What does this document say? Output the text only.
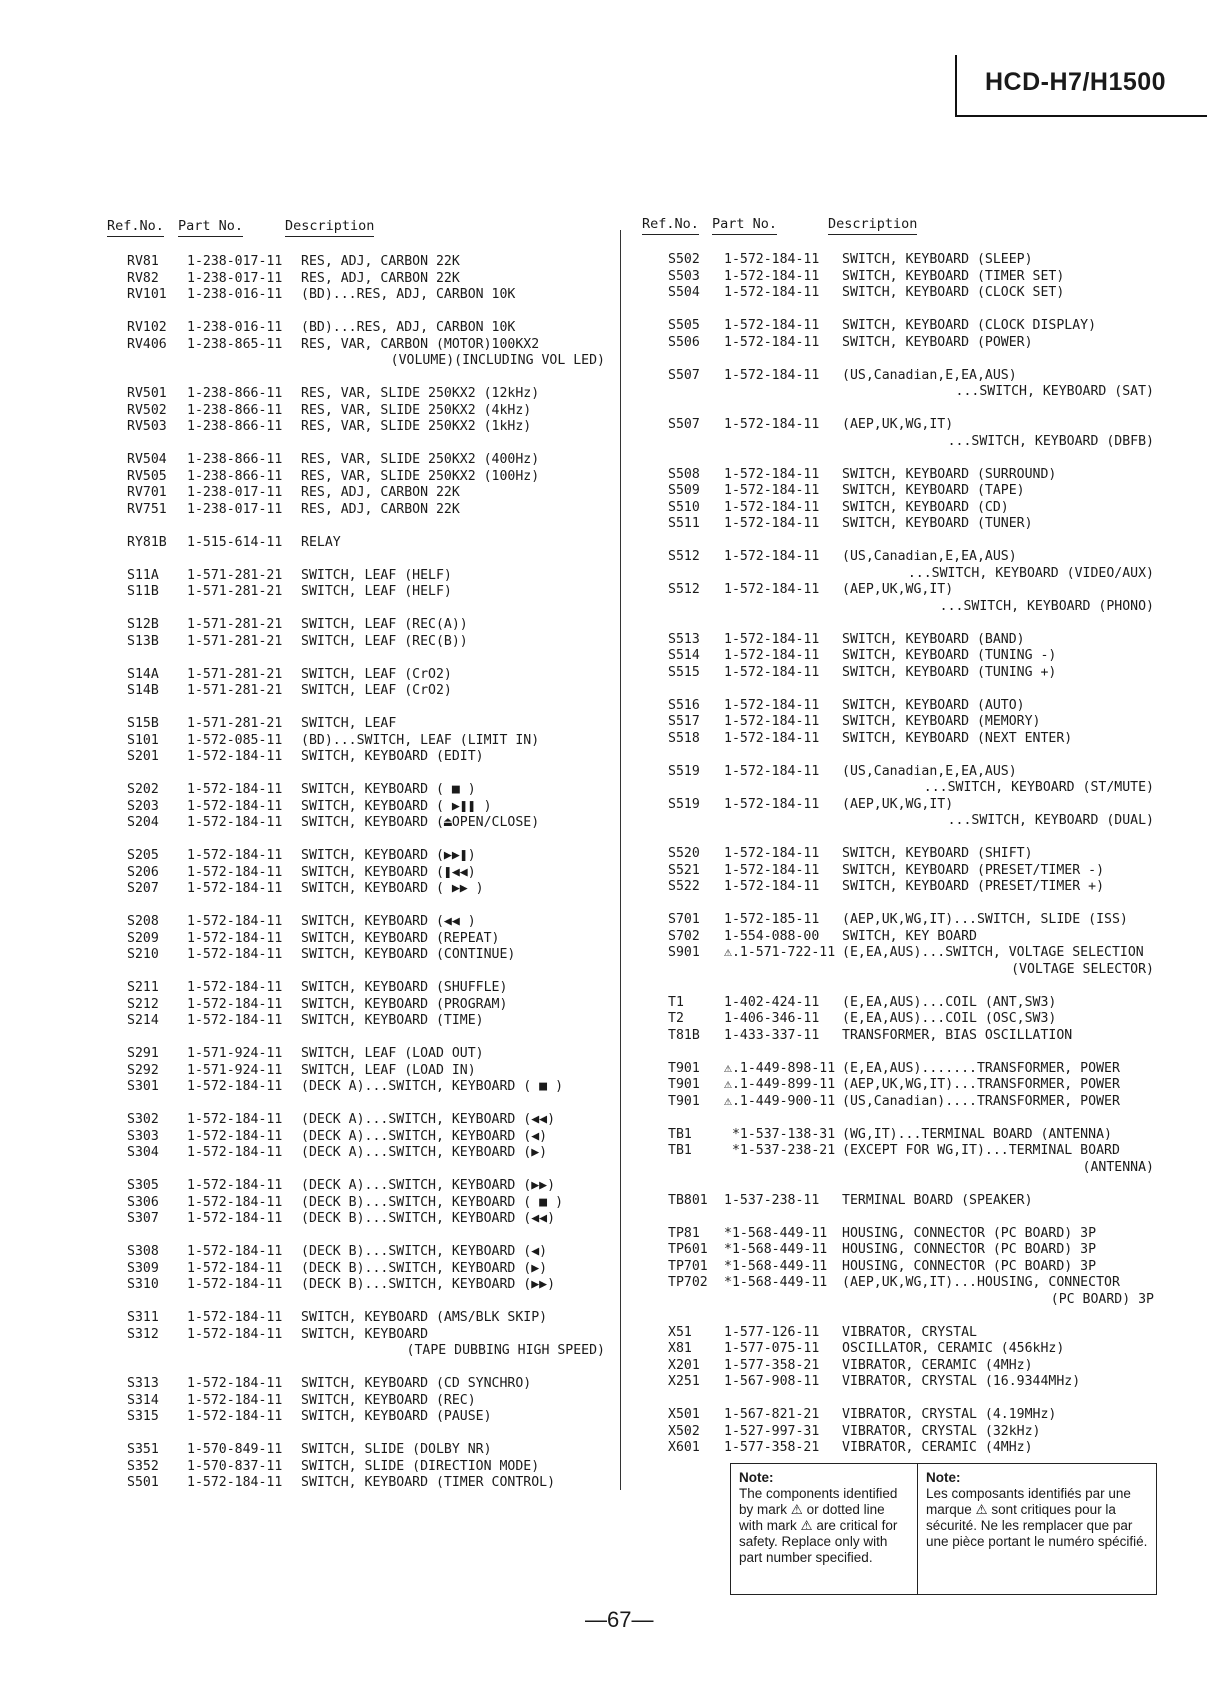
HCD-H7/H1500
Ref.No. Part No.	Description
RV81	1-238-017-11 RES, ADJ, CARBON 22K
RV82	1-238-017-11 RES, ADJ, CARBON 22K
RV101	1-238-016-11 (BD)...RES, ADJ, CARBON 10K
RV102	1-238-016-11 (BD)...RES, ADJ, CARBON 10K
RV406	1-238-865-11 RES, VAR, CARBON (MOTOR)100KX2
(VOLUME)(INCLUDING VOL LED)
RV501	1-238-866-11 RES, VAR, SLIDE 250KX2 (12kHz)
RV502	1-238-866-11 RES, VAR, SLIDE 250KX2 (4kHz)
RV503	1-238-866-11 RES, VAR, SLIDE 250KX2 (1kHz)
RV504	1-238-866-11 RES, VAR, SLIDE 250KX2 (400Hz)
RV505	1-238-866-11 RES, VAR, SLIDE 250KX2 (100Hz)
RV701	1-238-017-11 RES, ADJ, CARBON 22K
RV751	1-238-017-11 RES, ADJ, CARBON 22K
RY81B	1-515-614-11 RELAY
S11A	1-571-281-21 SWITCH, LEAF (HELF)
S11B	1-571-281-21 SWITCH, LEAF (HELF)
S12B	1-571-281-21 SWITCH, LEAF (REC(A))
S13B	1-571-281-21 SWITCH, LEAF (REC(B))
S14A	1-571-281-21 SWITCH, LEAF (CrO2)
S14B	1-571-281-21 SWITCH, LEAF (CrO2)
S15B	1-571-281-21 SWITCH, LEAF
S101	1-572-085-11 (BD)...SWITCH, LEAF (LIMIT IN)
S201	1-572-184-11 SWITCH, KEYBOARD (EDIT)
S202	1-572-184-11 SWITCH, KEYBOARD ( ■ )
S203	1-572-184-11 SWITCH, KEYBOARD ( ▶❚❚ )
S204	1-572-184-11 SWITCH, KEYBOARD (⏏OPEN/CLOSE)
S205	1-572-184-11 SWITCH, KEYBOARD (▶▶❚)
S206	1-572-184-11 SWITCH, KEYBOARD (❚◀◀)
S207	1-572-184-11 SWITCH, KEYBOARD ( ▶▶ )
S208	1-572-184-11 SWITCH, KEYBOARD (◀◀ )
S209	1-572-184-11 SWITCH, KEYBOARD (REPEAT)
S210	1-572-184-11 SWITCH, KEYBOARD (CONTINUE)
S211	1-572-184-11 SWITCH, KEYBOARD (SHUFFLE)
S212	1-572-184-11 SWITCH, KEYBOARD (PROGRAM)
S214	1-572-184-11 SWITCH, KEYBOARD (TIME)
S291	1-571-924-11 SWITCH, LEAF (LOAD OUT)
S292	1-571-924-11 SWITCH, LEAF (LOAD IN)
S301	1-572-184-11 (DECK A)...SWITCH, KEYBOARD ( ■ )
S302	1-572-184-11 (DECK A)...SWITCH, KEYBOARD (◀◀)
S303	1-572-184-11 (DECK A)...SWITCH, KEYBOARD (◀)
S304	1-572-184-11 (DECK A)...SWITCH, KEYBOARD (▶)
S305	1-572-184-11 (DECK A)...SWITCH, KEYBOARD (▶▶)
S306	1-572-184-11 (DECK B)...SWITCH, KEYBOARD ( ■ )
S307	1-572-184-11 (DECK B)...SWITCH, KEYBOARD (◀◀)
S308	1-572-184-11 (DECK B)...SWITCH, KEYBOARD (◀)
S309	1-572-184-11 (DECK B)...SWITCH, KEYBOARD (▶)
S310	1-572-184-11 (DECK B)...SWITCH, KEYBOARD (▶▶)
S311	1-572-184-11 SWITCH, KEYBOARD (AMS/BLK SKIP)
S312	1-572-184-11 SWITCH, KEYBOARD
(TAPE DUBBING HIGH SPEED)
S313	1-572-184-11 SWITCH, KEYBOARD (CD SYNCHRO)
S314	1-572-184-11 SWITCH, KEYBOARD (REC)
S315	1-572-184-11 SWITCH, KEYBOARD (PAUSE)
S351	1-570-849-11 SWITCH, SLIDE (DOLBY NR)
S352	1-570-837-11 SWITCH, SLIDE (DIRECTION MODE)
S501	1-572-184-11 SWITCH, KEYBOARD (TIMER CONTROL)
Ref.No. Part No.	Description
S502	1-572-184-11 SWITCH, KEYBOARD (SLEEP)
S503	1-572-184-11 SWITCH, KEYBOARD (TIMER SET)
S504	1-572-184-11 SWITCH, KEYBOARD (CLOCK SET)
S505	1-572-184-11 SWITCH, KEYBOARD (CLOCK DISPLAY)
S506	1-572-184-11 SWITCH, KEYBOARD (POWER)
S507	1-572-184-11 (US,Canadian,E,EA,AUS)
...SWITCH, KEYBOARD (SAT)
S507	1-572-184-11 (AEP,UK,WG,IT)
...SWITCH, KEYBOARD (DBFB)
S508	1-572-184-11 SWITCH, KEYBOARD (SURROUND)
S509	1-572-184-11 SWITCH, KEYBOARD (TAPE)
S510	1-572-184-11 SWITCH, KEYBOARD (CD)
S511	1-572-184-11 SWITCH, KEYBOARD (TUNER)
S512	1-572-184-11 (US,Canadian,E,EA,AUS)
...SWITCH, KEYBOARD (VIDEO/AUX)
S512	1-572-184-11 (AEP,UK,WG,IT)
...SWITCH, KEYBOARD (PHONO)
S513	1-572-184-11 SWITCH, KEYBOARD (BAND)
S514	1-572-184-11 SWITCH, KEYBOARD (TUNING -)
S515	1-572-184-11 SWITCH, KEYBOARD (TUNING +)
S516	1-572-184-11 SWITCH, KEYBOARD (AUTO)
S517	1-572-184-11 SWITCH, KEYBOARD (MEMORY)
S518	1-572-184-11 SWITCH, KEYBOARD (NEXT ENTER)
S519	1-572-184-11 (US,Canadian,E,EA,AUS)
...SWITCH, KEYBOARD (ST/MUTE)
S519	1-572-184-11 (AEP,UK,WG,IT)
...SWITCH, KEYBOARD (DUAL)
S520	1-572-184-11 SWITCH, KEYBOARD (SHIFT)
S521	1-572-184-11 SWITCH, KEYBOARD (PRESET/TIMER -)
S522	1-572-184-11 SWITCH, KEYBOARD (PRESET/TIMER +)
S701	1-572-185-11 (AEP,UK,WG,IT)...SWITCH, SLIDE (ISS)
S702	1-554-088-00 SWITCH, KEY BOARD
S901	⚠.1-571-722-11 (E,EA,AUS)...SWITCH, VOLTAGE SELECTION
(VOLTAGE SELECTOR)
T1	1-402-424-11 (E,EA,AUS)...COIL (ANT,SW3)
T2	1-406-346-11 (E,EA,AUS)...COIL (OSC,SW3)
T81B	1-433-337-11 TRANSFORMER, BIAS OSCILLATION
T901	⚠.1-449-898-11 (E,EA,AUS).......TRANSFORMER, POWER
T901	⚠.1-449-899-11 (AEP,UK,WG,IT)...TRANSFORMER, POWER
T901	⚠.1-449-900-11 (US,Canadian)....TRANSFORMER, POWER
TB1	*1-537-138-31 (WG,IT)...TERMINAL BOARD (ANTENNA)
TB1	*1-537-238-21 (EXCEPT FOR WG,IT)...TERMINAL BOARD
(ANTENNA)
TB801	1-537-238-11 TERMINAL BOARD (SPEAKER)
TP81	*1-568-449-11 HOUSING, CONNECTOR (PC BOARD) 3P
TP601	*1-568-449-11 HOUSING, CONNECTOR (PC BOARD) 3P
TP701	*1-568-449-11 HOUSING, CONNECTOR (PC BOARD) 3P
TP702	*1-568-449-11 (AEP,UK,WG,IT)...HOUSING, CONNECTOR
(PC BOARD) 3P
X51	1-577-126-11 VIBRATOR, CRYSTAL
X81	1-577-075-11 OSCILLATOR, CERAMIC (456kHz)
X201	1-577-358-21 VIBRATOR, CERAMIC (4MHz)
X251	1-567-908-11 VIBRATOR, CRYSTAL (16.9344MHz)
X501	1-567-821-21 VIBRATOR, CRYSTAL (4.19MHz)
X502	1-527-997-31 VIBRATOR, CRYSTAL (32kHz)
X601	1-577-358-21 VIBRATOR, CERAMIC (4MHz)
Note:
The components identified by mark ⚠ or dotted line with mark ⚠ are critical for safety. Replace only with part number specified.
Note:
Les composants identifiés par une marque ⚠ sont critiques pour la sécurité. Ne les remplacer que par une pièce portant le numéro spécifié.
—67—
